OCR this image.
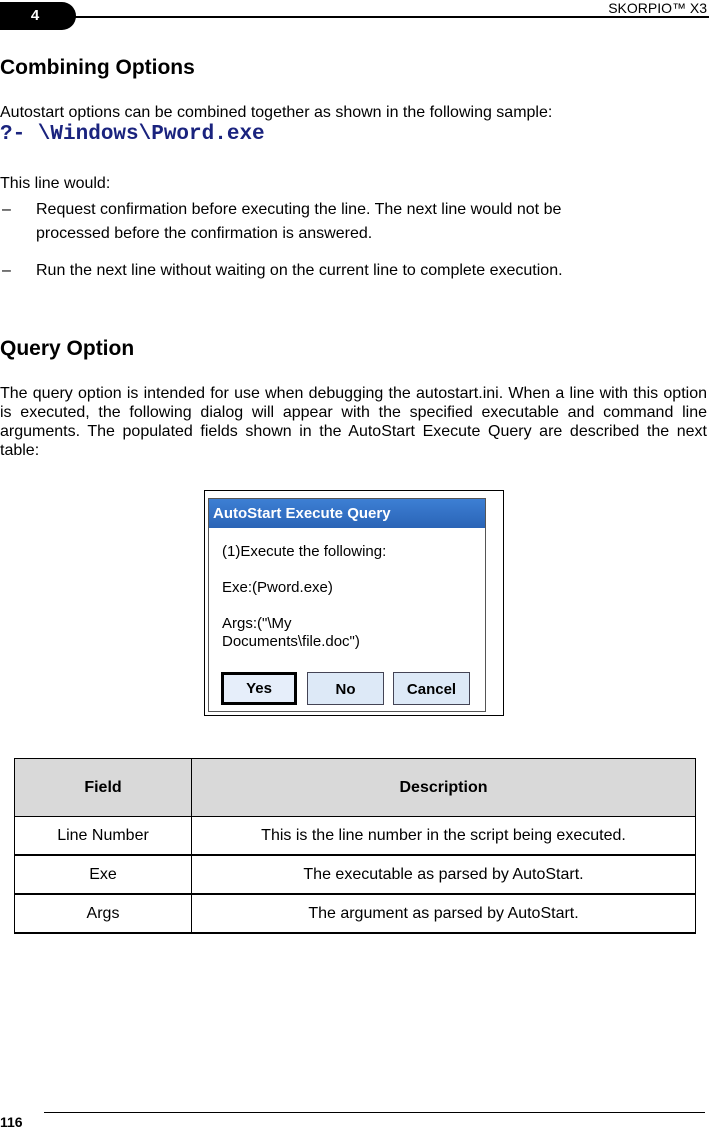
4	SKORPIO™ X3
Combining Options
Autostart options can be combined together as shown in the following sample:
?- \Windows\Pword.exe
This line would:
– Request confirmation before executing the line. The next line would not be
processed before the confirmation is answered.
– Run the next line without waiting on the current line to complete execution.
Query Option
The query option is intended for use when debugging the autostart.ini. When a line with this option is executed, the following dialog will appear with the specified executable and command line arguments. The populated fields shown in the AutoStart Execute Query are described the next table:
AutoStart Execute Query
(1)Execute the following:
Exe:(Pword.exe)
Args:("\My
Documents\file.doc")
Yes	No	Cancel
Field	Description
Line Number	This is the line number in the script being executed.
Exe	The executable as parsed by AutoStart.
Args	The argument as parsed by AutoStart.
116
